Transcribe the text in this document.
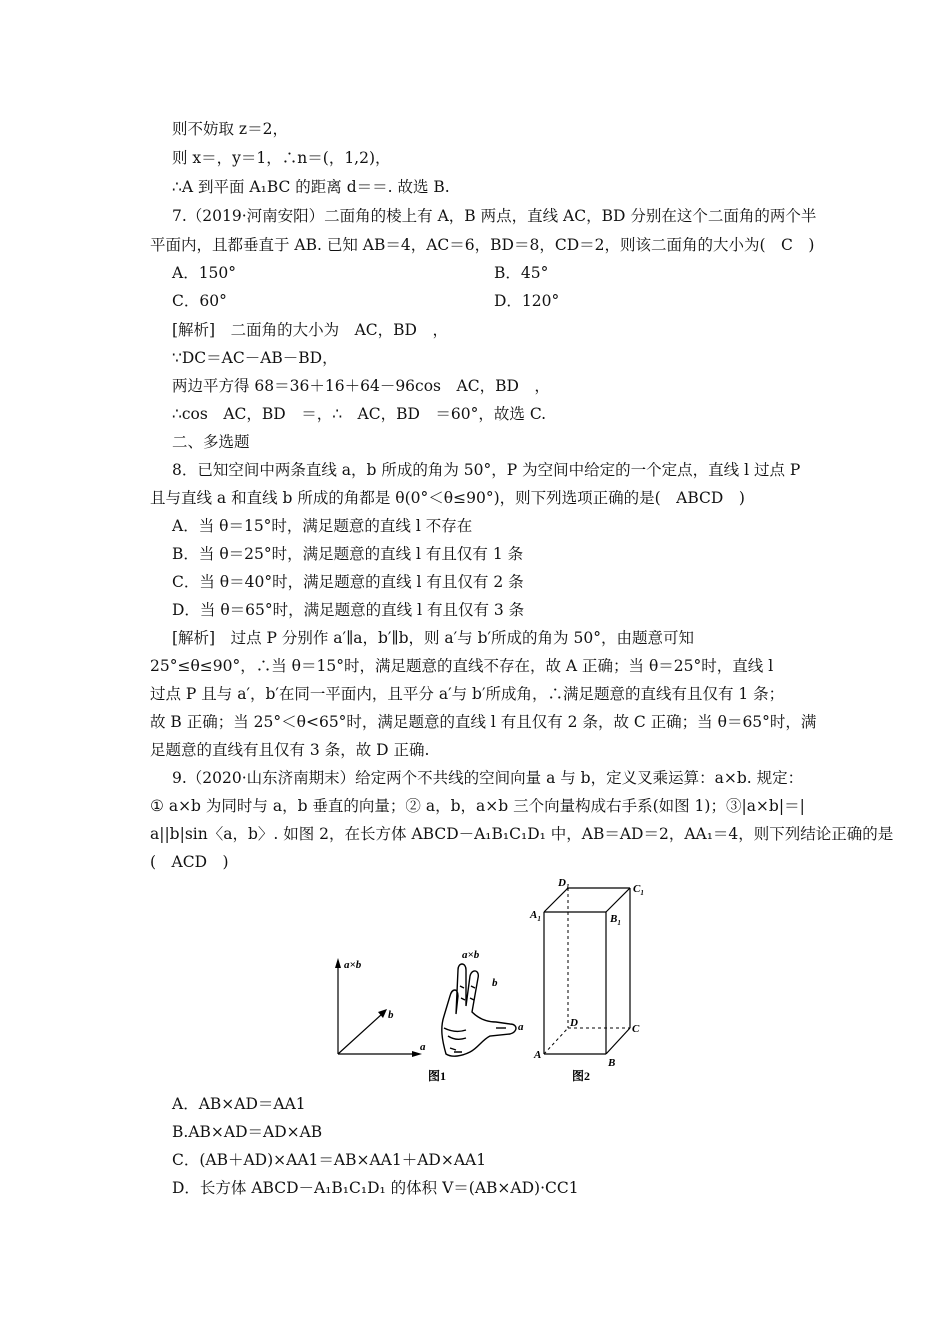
则不妨取 z＝2，
则 x＝，y＝1，∴n＝(，1,2)，
∴A 到平面 A₁BC 的距离 d＝＝. 故选 B.
7.（2019·河南安阳）二面角的棱上有 A，B 两点，直线 AC，BD 分别在这个二面角的两个半
平面内，且都垂直于 AB. 已知 AB＝4，AC＝6，BD＝8，CD＝2，则该二面角的大小为(　C　)
A．150°	B．45°
C．60°	D．120°
[解析]　二面角的大小为　AC，BD　，
∵DC＝AC－AB－BD，
两边平方得 68＝36＋16＋64－96cos　AC，BD　，
∴cos　AC，BD　＝，∴　AC，BD　＝60°，故选 C.
二、多选题
8．已知空间中两条直线 a，b 所成的角为 50°，P 为空间中给定的一个定点，直线 l 过点 P
且与直线 a 和直线 b 所成的角都是 θ(0°＜θ≤90°)，则下列选项正确的是(　ABCD　)
A．当 θ＝15°时，满足题意的直线 l 不存在
B．当 θ＝25°时，满足题意的直线 l 有且仅有 1 条
C．当 θ＝40°时，满足题意的直线 l 有且仅有 2 条
D．当 θ＝65°时，满足题意的直线 l 有且仅有 3 条
[解析]　过点 P 分别作 a′∥a，b′∥b，则 a′与 b′所成的角为 50°，由题意可知
25°≤θ≤90°，∴当 θ＝15°时，满足题意的直线不存在，故 A 正确；当 θ＝25°时，直线 l
过点 P 且与 a′，b′在同一平面内，且平分 a′与 b′所成角，∴满足题意的直线有且仅有 1 条；
故 B 正确；当 25°＜θ<65°时，满足题意的直线 l 有且仅有 2 条，故 C 正确；当 θ＝65°时，满
足题意的直线有且仅有 3 条，故 D 正确.
9.（2020·山东济南期末）给定两个不共线的空间向量 a 与 b，定义叉乘运算：a×b. 规定：
① a×b 为同时与 a，b 垂直的向量；② a，b，a×b 三个向量构成右手系(如图 1)；③|a×b|＝|
a||b|sin〈a，b〉. 如图 2，在长方体 ABCD－A₁B₁C₁D₁ 中，AB＝AD＝2，AA₁＝4，则下列结论正确的是
(　ACD　)
a×b
b
a
a×b
b
a
图1
$D_1$	$C_1$
$A_1$	$B_1$
D	C
A
B
图2
A．AB×AD＝AA1
B.AB×AD＝AD×AB
C．(AB＋AD)×AA1＝AB×AA1＋AD×AA1
D．长方体 ABCD－A₁B₁C₁D₁ 的体积 V＝(AB×AD)·CC1
